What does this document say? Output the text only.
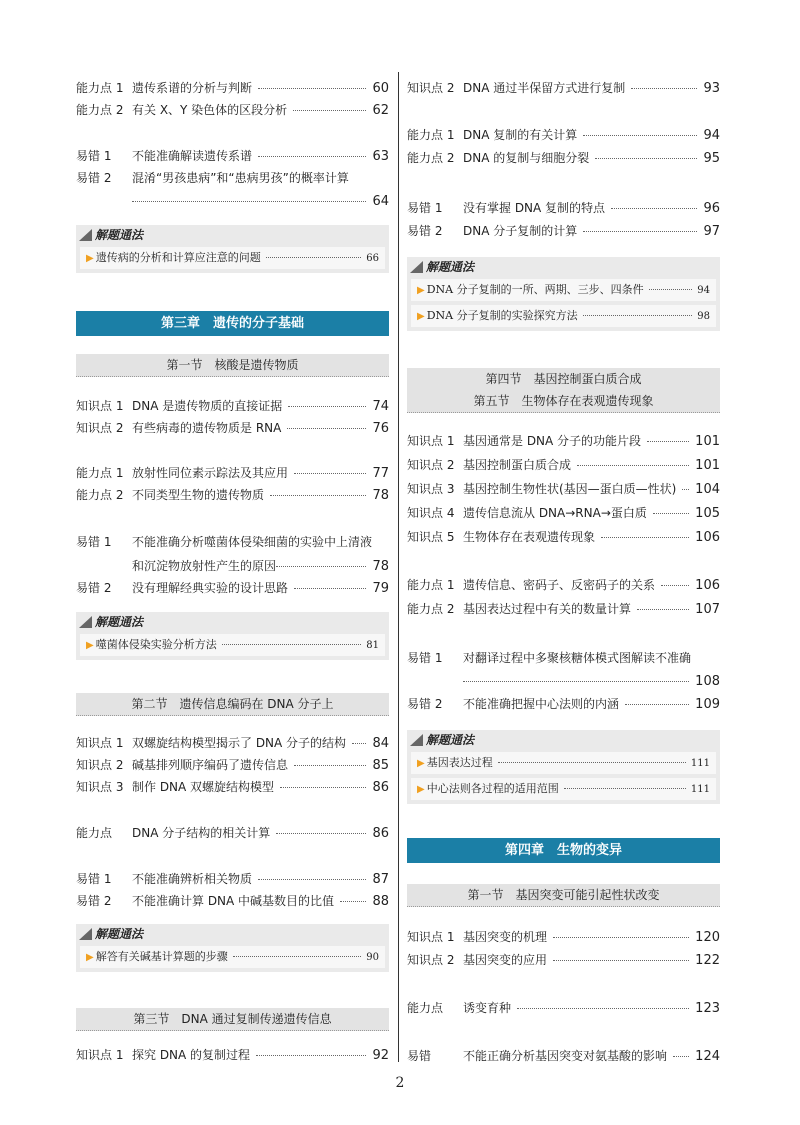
能力点 1 遗传系谱的分析与判断	60
能力点 2 有关 X、Y 染色体的区段分析	62
易错 1 不能准确解读遗传系谱	63
易错 2 混淆“男孩患病”和“患病男孩”的概率计算
64
解题通法
▶ 遗传病的分析和计算应注意的问题	66
第三章　遗传的分子基础
第一节　核酸是遗传物质
知识点 1 DNA 是遗传物质的直接证据	74
知识点 2 有些病毒的遗传物质是 RNA	76
能力点 1 放射性同位素示踪法及其应用	77
能力点 2 不同类型生物的遗传物质	78
易错 1 不能准确分析噬菌体侵染细菌的实验中上清液
和沉淀物放射性产生的原因	78
易错 2 没有理解经典实验的设计思路	79
解题通法
▶ 噬菌体侵染实验分析方法	81
第二节　遗传信息编码在 DNA 分子上
知识点 1 双螺旋结构模型揭示了 DNA 分子的结构 84
知识点 2 碱基排列顺序编码了遗传信息	85
知识点 3 制作 DNA 双螺旋结构模型	86
能力点 DNA 分子结构的相关计算	86
易错 1 不能准确辨析相关物质	87
易错 2 不能准确计算 DNA 中碱基数目的比值	88
解题通法
▶ 解答有关碱基计算题的步骤	90
第三节　DNA 通过复制传递遗传信息
知识点 1 探究 DNA 的复制过程	92
知识点 2 DNA 通过半保留方式进行复制	93
能力点 1 DNA 复制的有关计算	94
能力点 2 DNA 的复制与细胞分裂	95
易错 1 没有掌握 DNA 复制的特点	96
易错 2 DNA 分子复制的计算	97
解题通法
▶ DNA 分子复制的一所、两期、三步、四条件	94
▶ DNA 分子复制的实验探究方法	98
第四节　基因控制蛋白质合成
第五节　生物体存在表观遗传现象
知识点 1 基因通常是 DNA 分子的功能片段	101
知识点 2 基因控制蛋白质合成	101
知识点 3 基因控制生物性状(基因—蛋白质—性状) 104
知识点 4 遗传信息流从 DNA→RNA→蛋白质	105
知识点 5 生物体存在表观遗传现象	106
能力点 1 遗传信息、密码子、反密码子的关系	106
能力点 2 基因表达过程中有关的数量计算	107
易错 1 对翻译过程中多聚核糖体模式图解读不准确
108
易错 2 不能准确把握中心法则的内涵	109
解题通法
▶ 基因表达过程	111
▶ 中心法则各过程的适用范围	111
第四章　生物的变异
第一节　基因突变可能引起性状改变
知识点 1 基因突变的机理	120
知识点 2 基因突变的应用	122
能力点 诱变育种	123
易错	不能正确分析基因突变对氨基酸的影响 124
2
